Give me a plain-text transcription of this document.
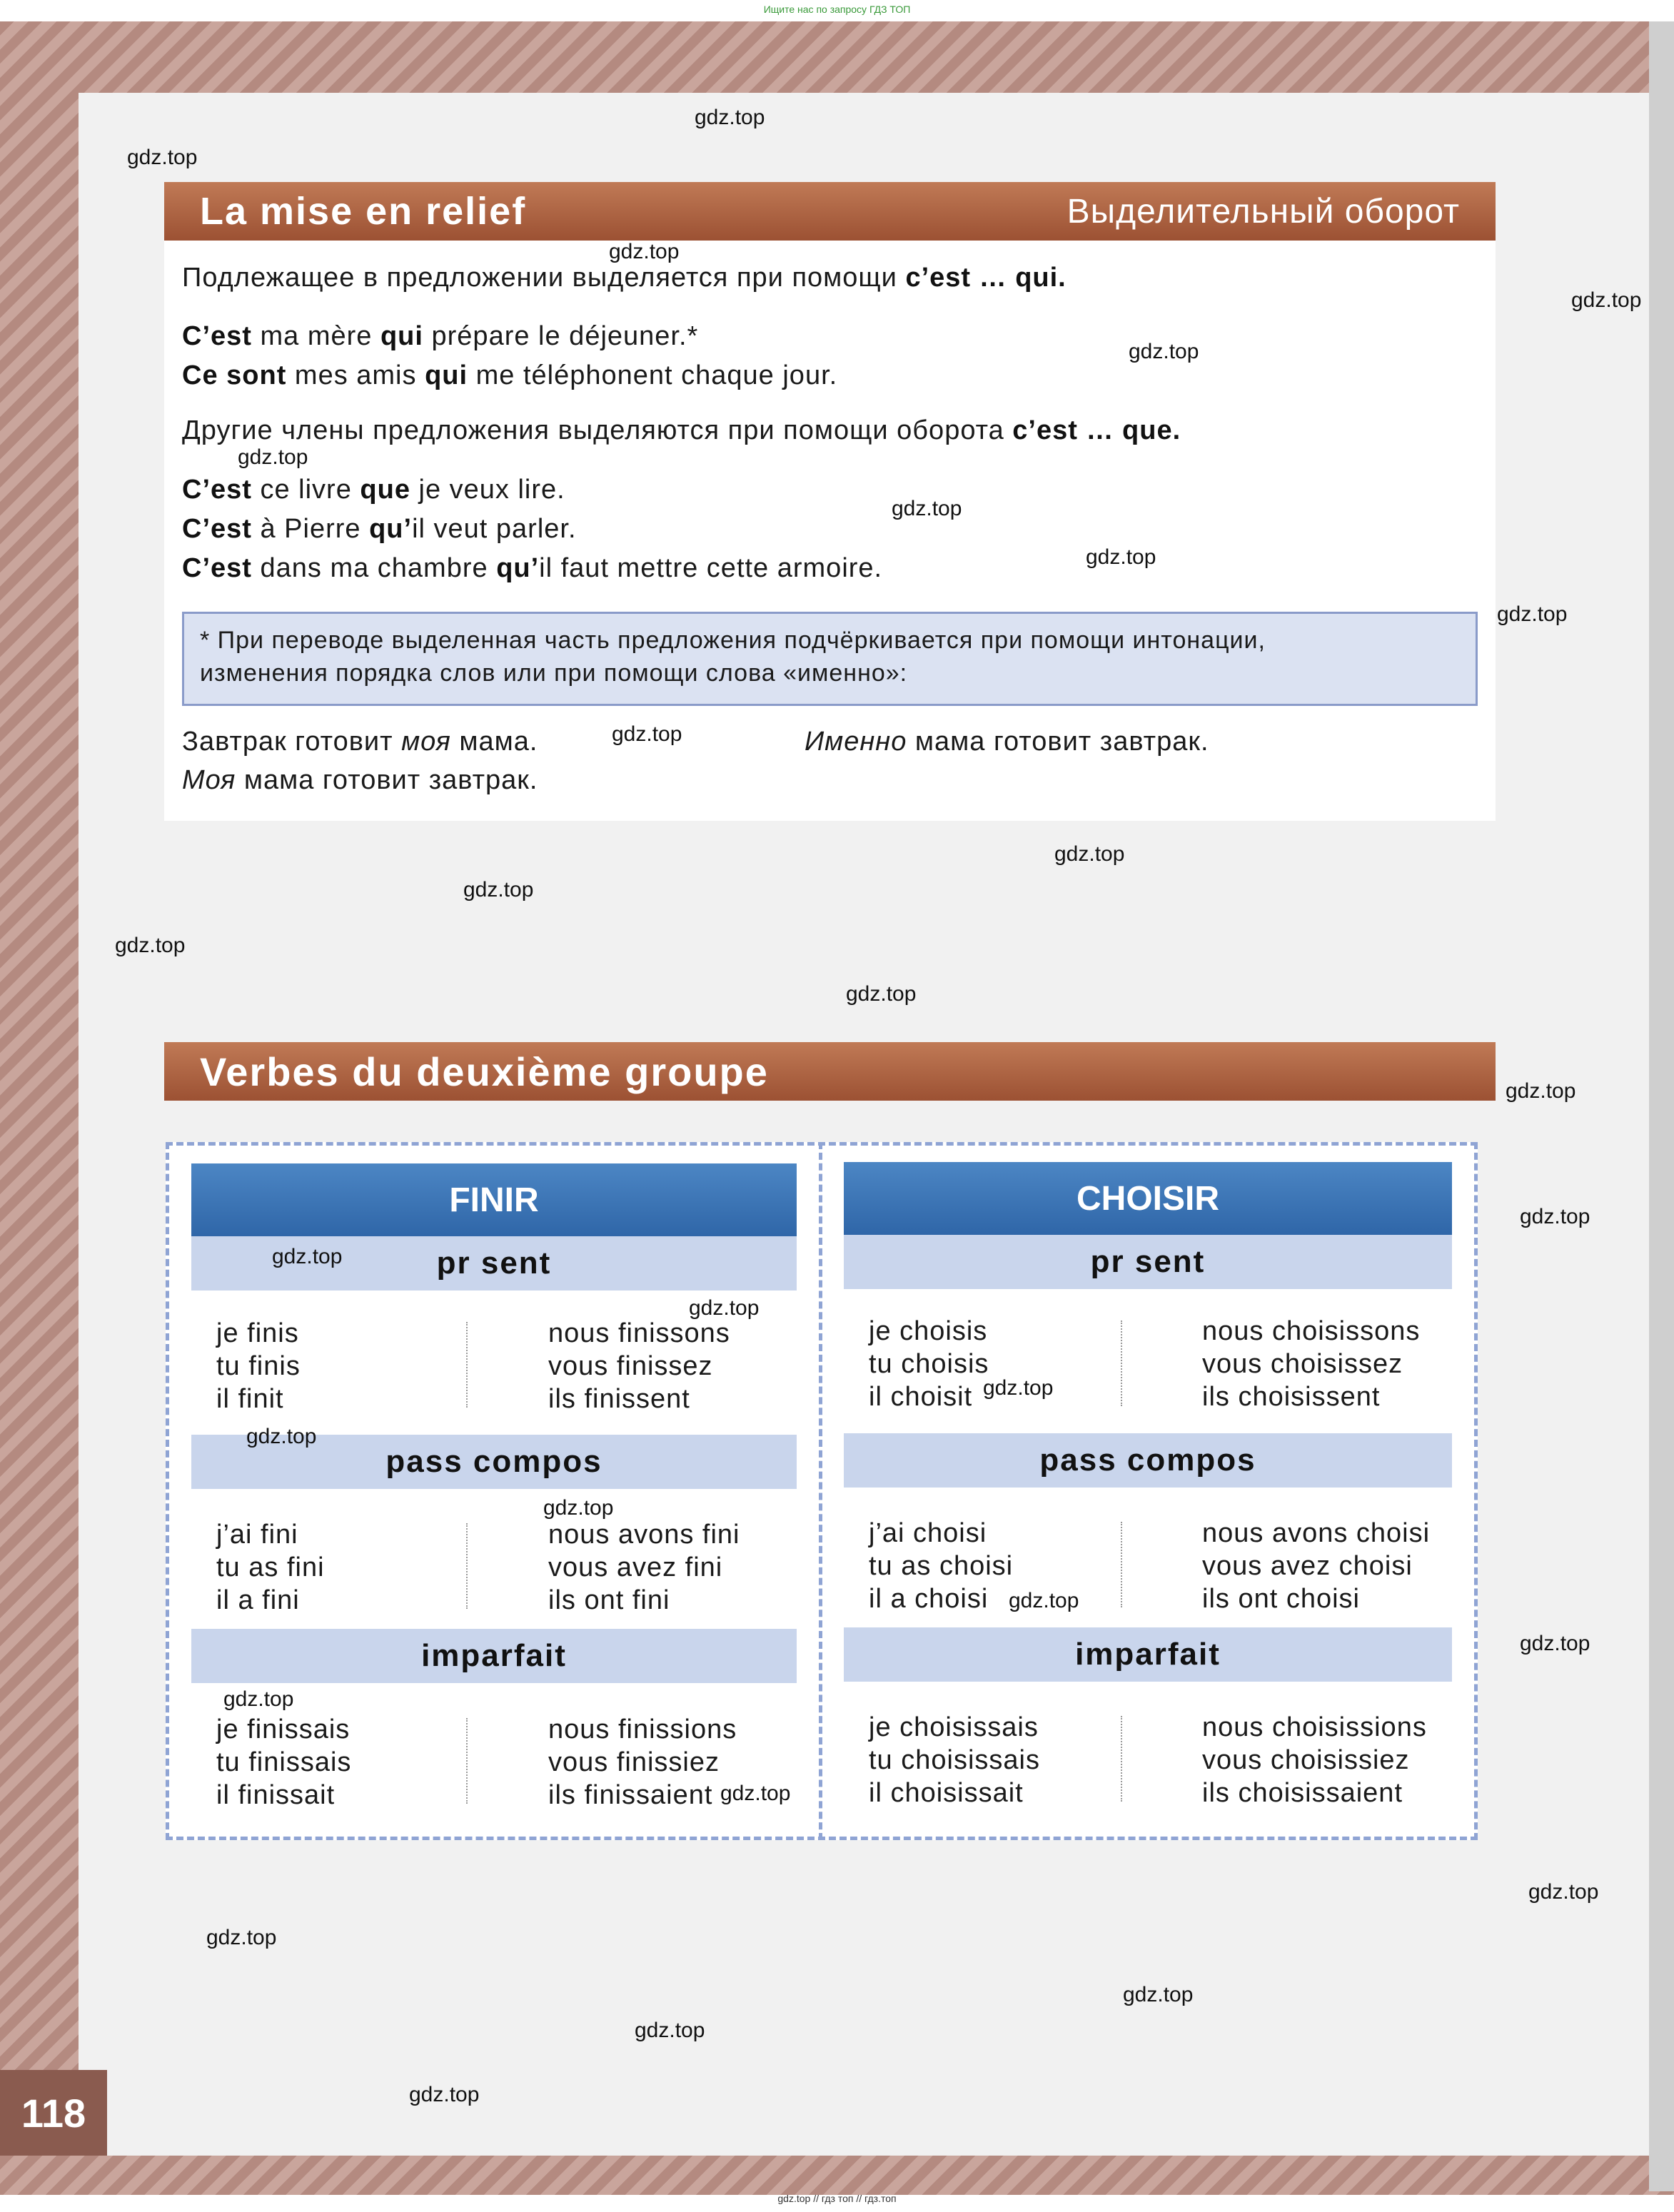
118
Ищите нас по запросу ГДЗ ТОП
gdz.top // гдз топ // гдз.топ
La mise en relief	Выделительный оборот
Подлежащее в предложении выделяется при помощи c’est … qui.
C’est ma mère qui prépare le déjeuner.*
Ce sont mes amis qui me téléphonent chaque jour.
Другие члены предложения выделяются при помощи оборота c’est … que.
C’est ce livre que je veux lire.
C’est à Pierre qu’il veut parler.
C’est dans ma chambre qu’il faut mettre cette armoire.
* При переводе выделенная часть предложения подчёркивается при помощи интонации,
изменения порядка слов или при помощи слова «именно»:
Завтрак готовит моя мама.
Моя мама готовит завтрак.
Именно мама готовит завтрак.
Verbes du deuxième groupe
FINIR
pr sent
je finis
tu finis
il finit
nous finissons
vous finissez
ils finissent
pass compos
j’ai fini
tu as fini
il a fini
nous avons fini
vous avez fini
ils ont fini
imparfait
je finissais
tu finissais
il finissait
nous finissions
vous finissiez
ils finissaient
CHOISIR
pr sent
je choisis
tu choisis
il choisit
nous choisissons
vous choisissez
ils choisissent
pass compos
j’ai choisi
tu as choisi
il a choisi
nous avons choisi
vous avez choisi
ils ont choisi
imparfait
je choisissais
tu choisissais
il choisissait
nous choisissions
vous choisissiez
ils choisissaient
gdz.top
gdz.top
gdz.top
gdz.top
gdz.top
gdz.top
gdz.top
gdz.top
gdz.top
gdz.top
gdz.top
gdz.top
gdz.top
gdz.top
gdz.top
gdz.top
gdz.top
gdz.top
gdz.top
gdz.top
gdz.top
gdz.top
gdz.top
gdz.top
gdz.top
gdz.top
gdz.top
gdz.top
gdz.top
gdz.top
